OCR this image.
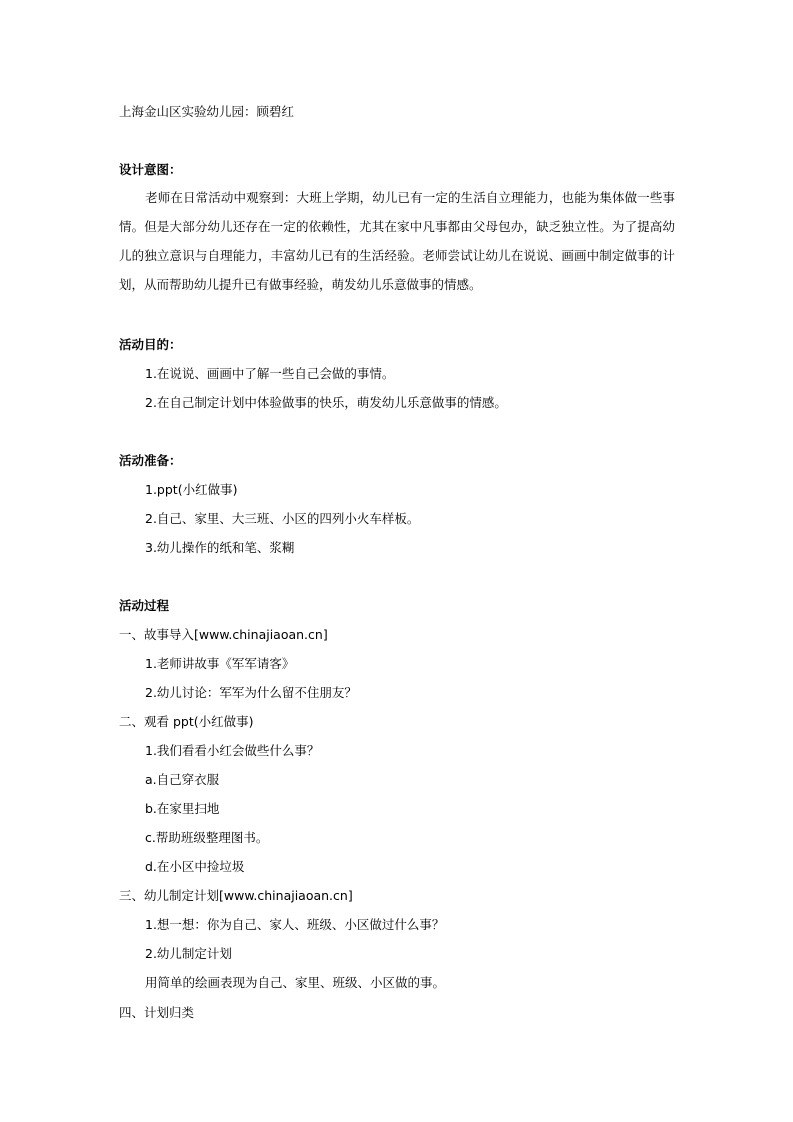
上海金山区实验幼儿园：顾碧红
设计意图：
老师在日常活动中观察到：大班上学期，幼儿已有一定的生活自立理能力，也能为集体做一些事情。但是大部分幼儿还存在一定的依赖性，尤其在家中凡事都由父母包办，缺乏独立性。为了提高幼儿的独立意识与自理能力，丰富幼儿已有的生活经验。老师尝试让幼儿在说说、画画中制定做事的计划，从而帮助幼儿提升已有做事经验，萌发幼儿乐意做事的情感。
活动目的：
1.在说说、画画中了解一些自己会做的事情。
2.在自己制定计划中体验做事的快乐，萌发幼儿乐意做事的情感。
活动准备：
1.ppt(小红做事)
2.自己、家里、大三班、小区的四列小火车样板。
3.幼儿操作的纸和笔、浆糊
活动过程
一、故事导入[www.chinajiaoan.cn]
1.老师讲故事《军军请客》
2.幼儿讨论：军军为什么留不住朋友？
二、观看 ppt(小红做事)
1.我们看看小红会做些什么事？
a.自己穿衣服
b.在家里扫地
c.帮助班级整理图书。
d.在小区中捡垃圾
三、幼儿制定计划[www.chinajiaoan.cn]
1.想一想：你为自己、家人、班级、小区做过什么事？
2.幼儿制定计划
用简单的绘画表现为自己、家里、班级、小区做的事。
四、计划归类
